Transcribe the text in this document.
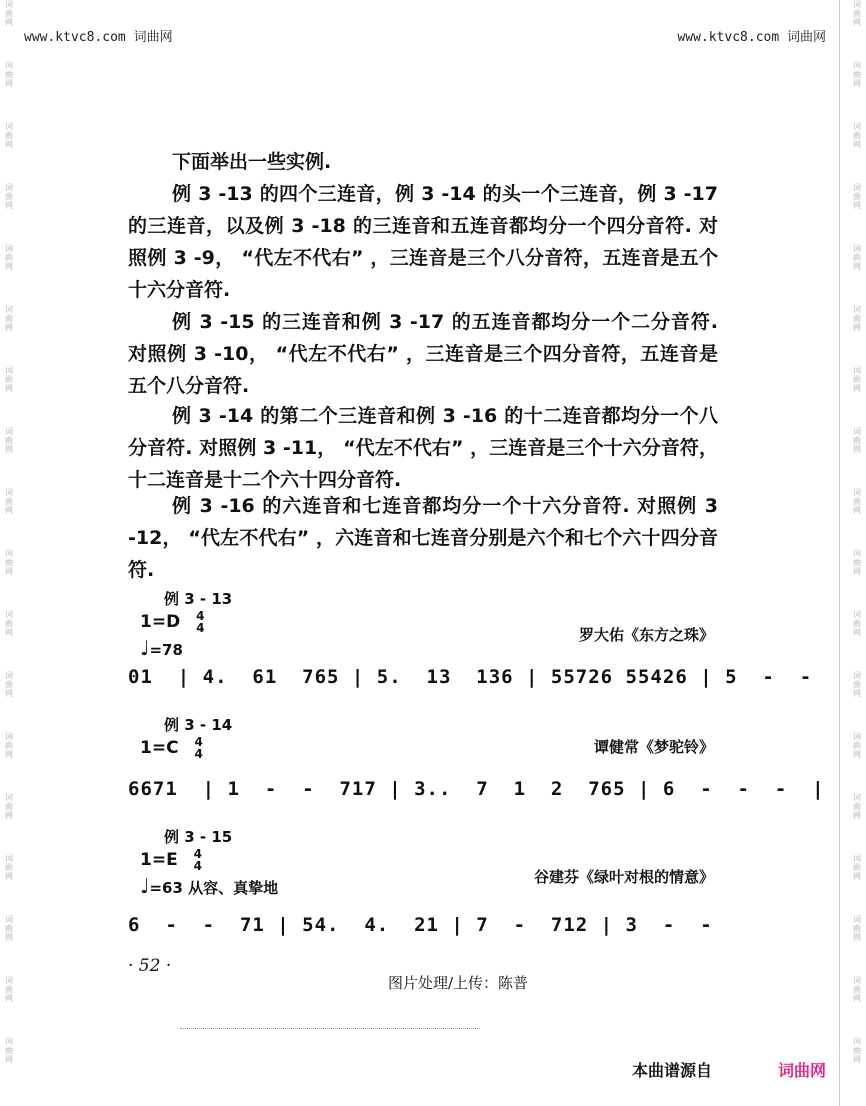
词
曲
网
词
曲
网
词
曲
网
词
曲
网
词
曲
网
词
曲
网
词
曲
网
词
曲
网
词
曲
网
词
曲
网
词
曲
网
词
曲
网
词
曲
网
词
曲
网
词
曲
网
词
曲
网
词
曲
网
词
曲
网
词
曲
网
词
曲
网
词
曲
网
词
曲
网
词
曲
网
词
曲
网
词
曲
网
词
曲
网
词
曲
网
词
曲
网
词
曲
网
词
曲
网
词
曲
网
词
曲
网
词
曲
网
词
曲
网
词
曲
网
词
曲
网
www.ktvc8.com 词曲网	www.ktvc8.com 词曲网
下面举出一些实例.
例 3 -13 的四个三连音，例 3 -14 的头一个三连音，例 3 -17 的三连音，以及例 3 -18 的三连音和五连音都均分一个四分音符. 对照例 3 -9， “代左不代右” ，三连音是三个八分音符，五连音是五个十六分音符.
例 3 -15 的三连音和例 3 -17 的五连音都均分一个二分音符. 对照例 3 -10， “代左不代右” ，三连音是三个四分音符，五连音是五个八分音符.
例 3 -14 的第二个三连音和例 3 -16 的十二连音都均分一个八分音符. 对照例 3 -11， “代左不代右” ，三连音是三个十六分音符，十二连音是十二个六十四分音符.
例 3 -16 的六连音和七连音都均分一个十六分音符. 对照例 3 -12， “代左不代右” ，六连音和七连音分别是六个和七个六十四分音符.
例 3 - 13
1=D 4
4
♩=78
罗大佑《东方之珠》
01  | 4.  61  765 | 5.  13  136 | 55726 55426 | 5  -  -
例 3 - 14
1=C 4
4	谭健常《梦驼铃》
6671  | 1  -  -  717 | 3..  7  1  2  765 | 6  -  -  -  |
例 3 - 15
1=E 4
4
♩=63 从容、真挚地
谷建芬《绿叶对根的情意》
6  -  -  71 | 54.  4.  21 | 7  -  712 | 3  -  -
· 52 ·
图片处理/上传：陈普
本曲谱源自	词曲网
